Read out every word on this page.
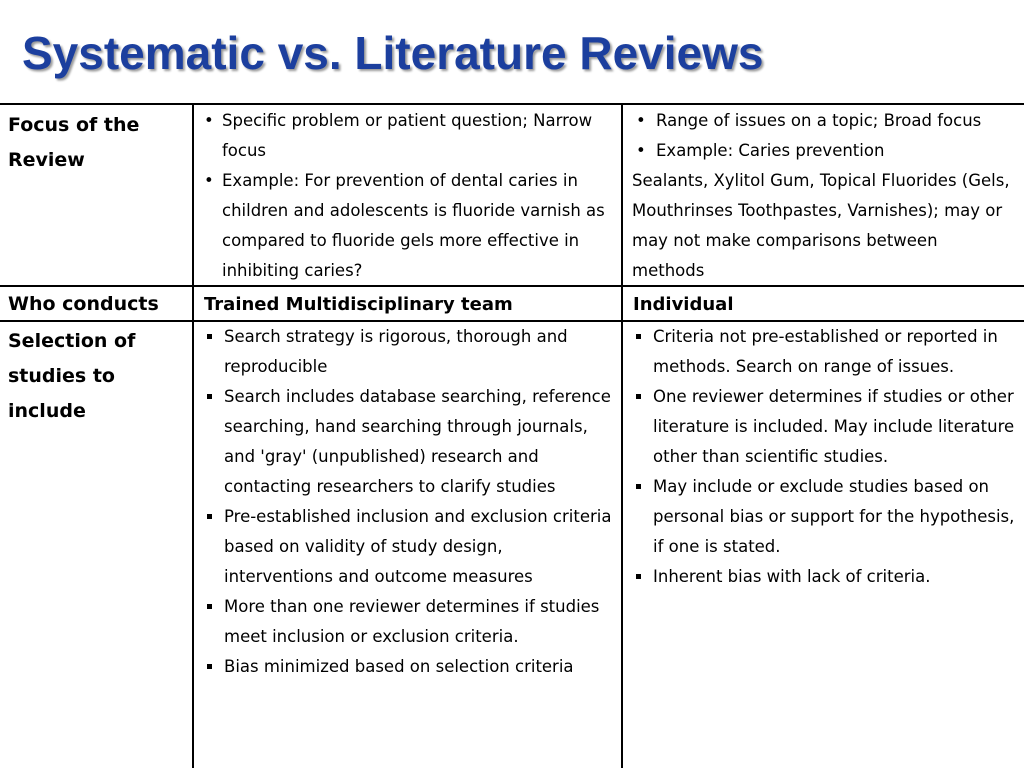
Systematic vs. Literature Reviews
Focus of the
Review
• Specific problem or patient question; Narrow focus
• Example: For prevention of dental caries in children and adolescents is fluoride varnish as compared to fluoride gels more effective in inhibiting caries?
• Range of issues on a topic; Broad focus
• Example: Caries prevention
Sealants, Xylitol Gum, Topical Fluorides (Gels, Mouthrinses Toothpastes, Varnishes); may or may not make comparisons between methods
Who conducts	Trained Multidisciplinary team	Individual
Selection of
studies to
include
Search strategy is rigorous, thorough and reproducible
Search includes database searching, reference searching, hand searching through journals, and 'gray' (unpublished) research and contacting researchers to clarify studies
Pre-established inclusion and exclusion criteria based on validity of study design, interventions and outcome measures
More than one reviewer determines if studies meet inclusion or exclusion criteria.
Bias minimized based on selection criteria
Criteria not pre-established or reported in methods. Search on range of issues.
One reviewer determines if studies or other literature is included. May include literature other than scientific studies.
May include or exclude studies based on personal bias or support for the hypothesis, if one is stated.
Inherent bias with lack of criteria.
